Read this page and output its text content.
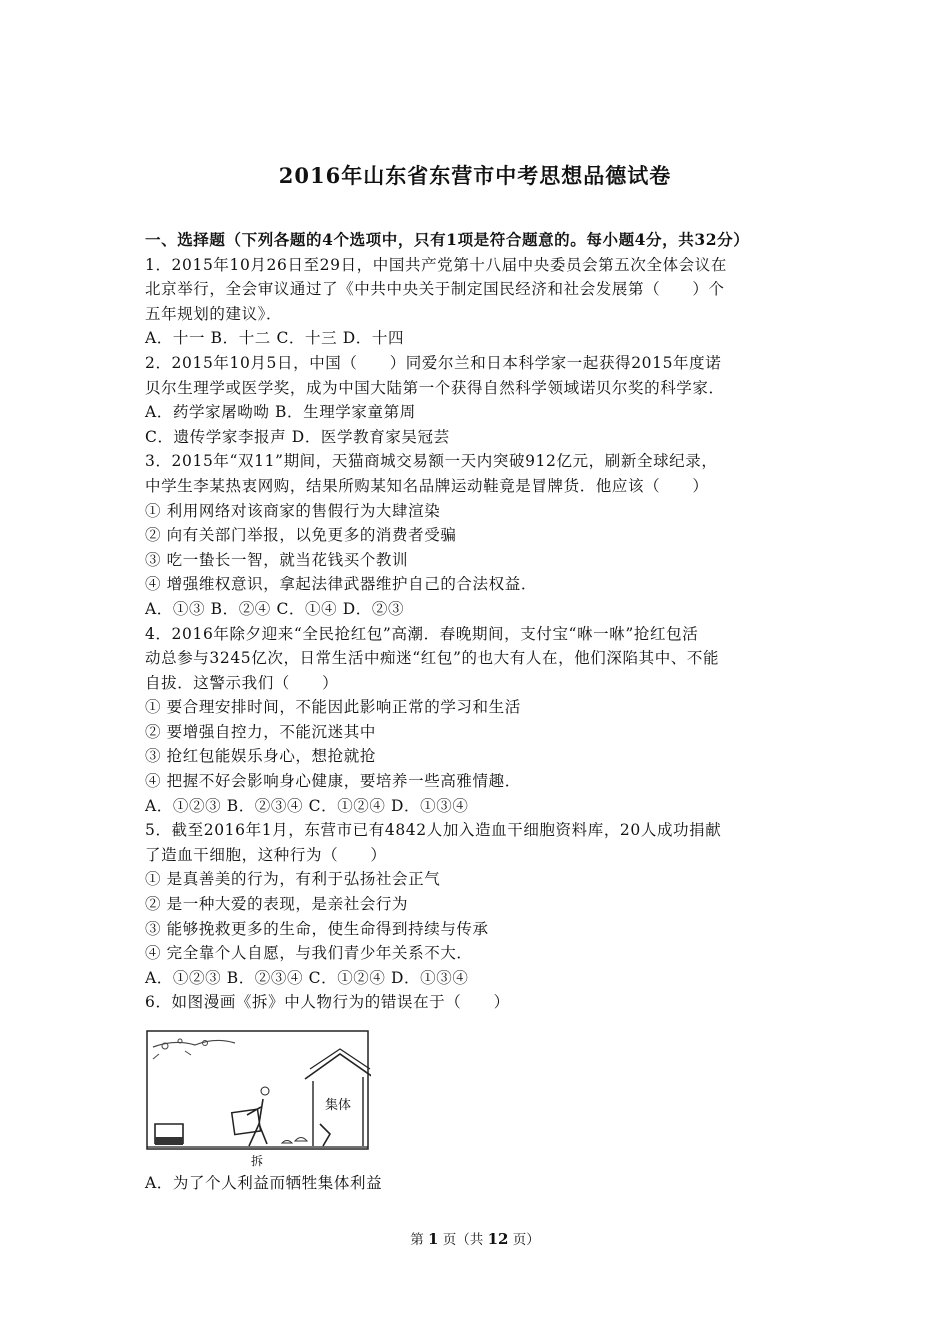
2016年山东省东营市中考思想品德试卷
一、选择题（下列各题的4个选项中，只有1项是符合题意的。每小题4分，共32分）
1．2015年10月26日至29日，中国共产党第十八届中央委员会第五次全体会议在
北京举行，全会审议通过了《中共中央关于制定国民经济和社会发展第（　　）个
五年规划的建议》．
A．十一 B．十二 C．十三 D．十四
2．2015年10月5日，中国（　　）同爱尔兰和日本科学家一起获得2015年度诺
贝尔生理学或医学奖，成为中国大陆第一个获得自然科学领域诺贝尔奖的科学家．
A．药学家屠呦呦 B．生理学家童第周
C．遗传学家李报声 D．医学教育家吴冠芸
3．2015年“双11”期间，天猫商城交易额一天内突破912亿元，刷新全球纪录，
中学生李某热衷网购，结果所购某知名品牌运动鞋竟是冒牌货．他应该（　　）
① 利用网络对该商家的售假行为大肆渲染
② 向有关部门举报，以免更多的消费者受骗
③ 吃一蛰长一智，就当花钱买个教训
④ 增强维权意识，拿起法律武器维护自己的合法权益．
A．①③ B．②④ C．①④ D．②③
4．2016年除夕迎来“全民抢红包”高潮．春晚期间，支付宝“咻一咻”抢红包活
动总参与3245亿次，日常生活中痴迷“红包”的也大有人在，他们深陷其中、不能
自拔．这警示我们（　　）
① 要合理安排时间，不能因此影响正常的学习和生活
② 要增强自控力，不能沉迷其中
③ 抢红包能娱乐身心，想抢就抢
④ 把握不好会影响身心健康，要培养一些高雅情趣．
A．①②③ B．②③④ C．①②④ D．①③④
5．截至2016年1月，东营市已有4842人加入造血干细胞资料库，20人成功捐献
了造血干细胞，这种行为（　　）
① 是真善美的行为，有利于弘扬社会正气
② 是一种大爱的表现，是亲社会行为
③ 能够挽救更多的生命，使生命得到持续与传承
④ 完全靠个人自愿，与我们青少年关系不大．
A．①②③ B．②③④ C．①②④ D．①③④
6．如图漫画《拆》中人物行为的错误在于（　　）
集体
拆
A．为了个人利益而牺牲集体利益
第 1 页（共 12 页）
